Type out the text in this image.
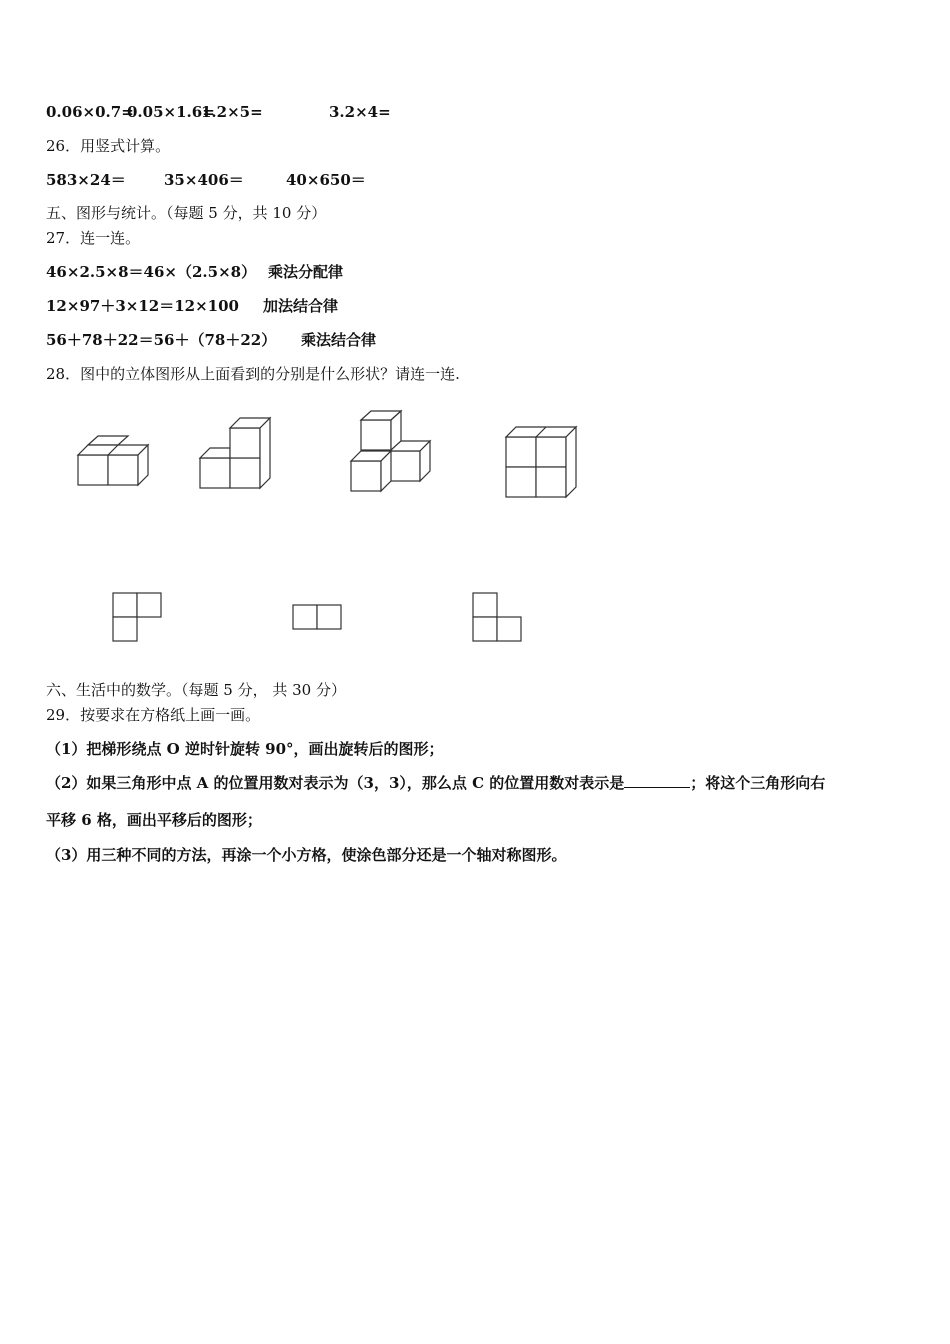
0.06×0.7=
0.05×1.6=
1.2×5=	3.2×4=
26．用竖式计算。
583×24＝	35×406＝	40×650＝
五、图形与统计。（每题 5 分，共 10 分）
27．连一连。
46×2.5×8＝46×（2.5×8） 乘法分配律
12×97＋3×12＝12×100 加法结合律
56＋78＋22＝56＋（78＋22） 乘法结合律
28．图中的立体图形从上面看到的分别是什么形状？请连一连.
六、生活中的数学。（每题 5 分， 共 30 分）
29．按要求在方格纸上画一画。
（1）把梯形绕点 O 逆时针旋转 90°，画出旋转后的图形；
（2）如果三角形中点 A 的位置用数对表示为（3，3），那么点 C 的位置用数对表示是	；将这个三角形向右
平移 6 格，画出平移后的图形；
（3）用三种不同的方法，再涂一个小方格，使涂色部分还是一个轴对称图形。
